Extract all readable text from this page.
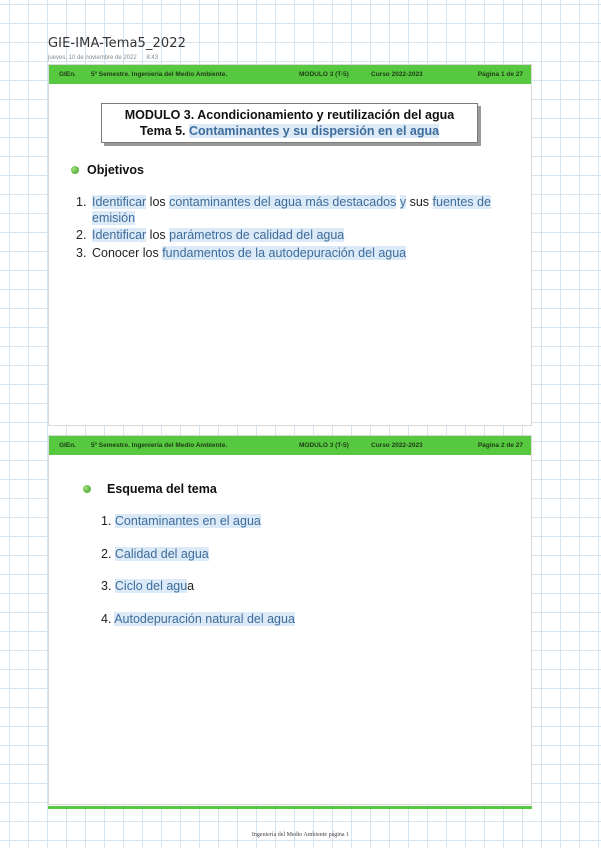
GIE-IMA-Tema5_2022
jueves, 10 de noviembre de 2022 8:43
GIEn. 5º Semestre. Ingeniería del Medio Ambiente.	MODULO 3 (T-5)	Curso 2022-2023	Página 1 de 27
MODULO 3. Acondicionamiento y reutilización del agua
Tema 5. Contaminantes y su dispersión en el agua
Objetivos
1. Identificar los contaminantes del agua más destacados y sus fuentes de emisión
2. Identificar los parámetros de calidad del agua
3. Conocer los fundamentos de la autodepuración del agua
GIEn. 5º Semestre. Ingeniería del Medio Ambiente.	MODULO 3 (T-5)	Curso 2022-2023	Página 2 de 27
Esquema del tema
1. Contaminantes en el agua
2. Calidad del agua
3. Ciclo del agua
4. Autodepuración natural del agua
Ingeniería del Medio Ambiente página 1
